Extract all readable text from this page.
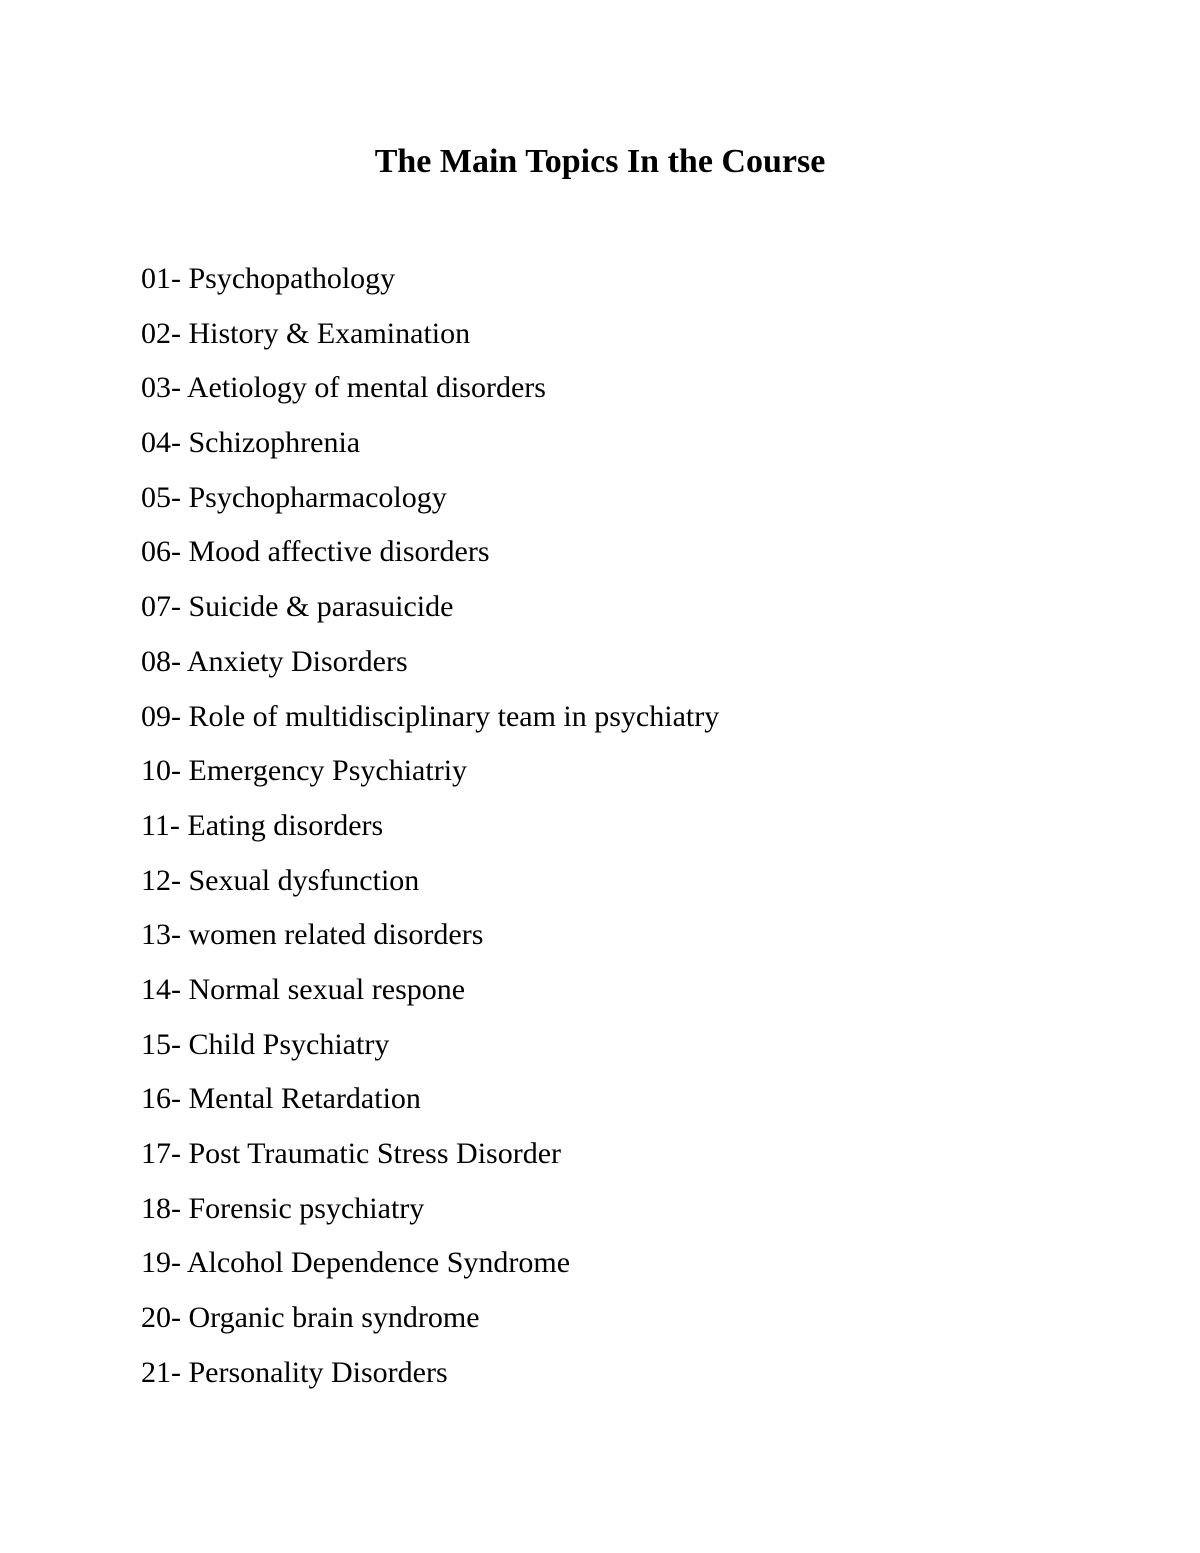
The Main Topics In the Course
01- Psychopathology
02- History & Examination
03- Aetiology of mental disorders
04- Schizophrenia
05- Psychopharmacology
06- Mood affective disorders
07- Suicide & parasuicide
08- Anxiety Disorders
09- Role of multidisciplinary team in psychiatry
10- Emergency Psychiatriy
11- Eating disorders
12- Sexual dysfunction
13- women related disorders
14- Normal sexual respone
15- Child Psychiatry
16- Mental Retardation
17- Post Traumatic Stress Disorder
18- Forensic psychiatry
19- Alcohol Dependence Syndrome
20- Organic brain syndrome
21- Personality Disorders
